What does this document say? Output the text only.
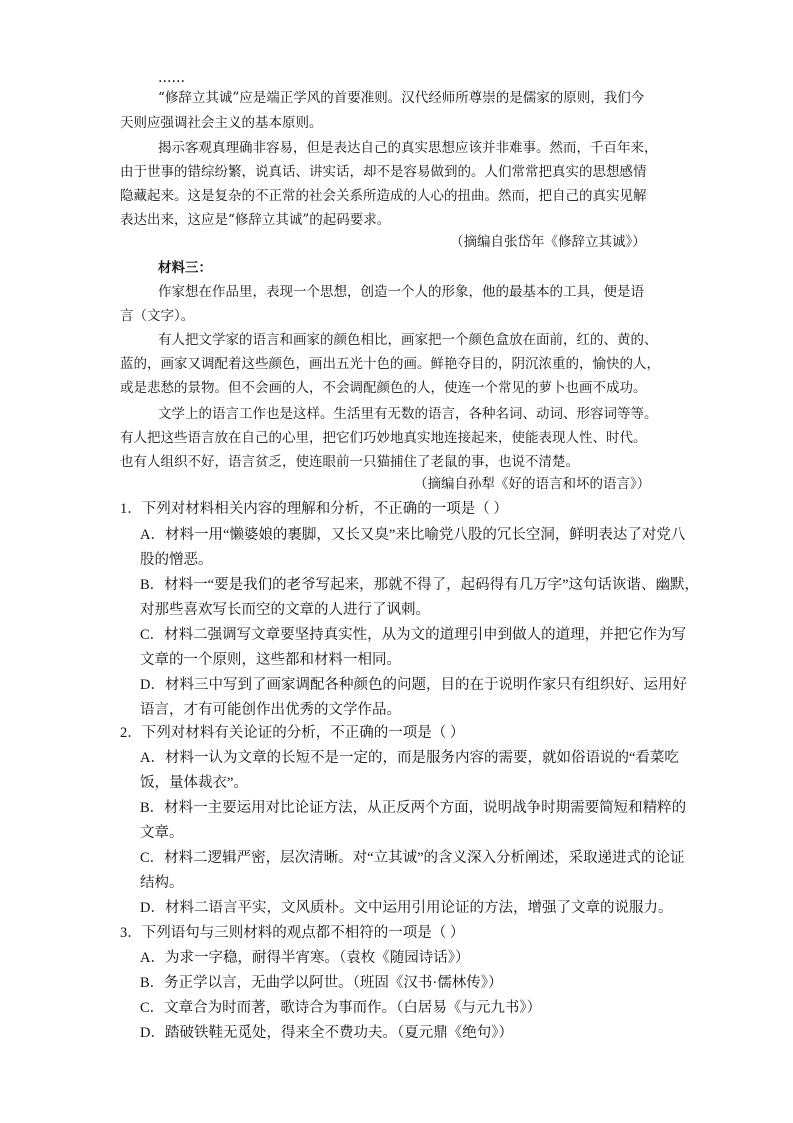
……
“修辞立其诚”应是端正学风的首要准则。汉代经师所尊崇的是儒家的原则，我们今
天则应强调社会主义的基本原则。
揭示客观真理确非容易，但是表达自己的真实思想应该并非难事。然而，千百年来，
由于世事的错综纷繁，说真话、讲实话，却不是容易做到的。人们常常把真实的思想感情
隐藏起来。这是复杂的不正常的社会关系所造成的人心的扭曲。然而，把自己的真实见解
表达出来，这应是“修辞立其诚”的起码要求。
（摘编自张岱年《修辞立其诚》）
材料三：
作家想在作品里，表现一个思想，创造一个人的形象，他的最基本的工具，便是语
言（文字）。
有人把文学家的语言和画家的颜色相比，画家把一个颜色盒放在面前，红的、黄的、
蓝的，画家又调配着这些颜色，画出五光十色的画。鲜艳夺目的，阴沉浓重的，愉快的人，
或是悲愁的景物。但不会画的人，不会调配颜色的人，使连一个常见的萝卜也画不成功。
文学上的语言工作也是这样。生活里有无数的语言，各种名词、动词、形容词等等。
有人把这些语言放在自己的心里，把它们巧妙地真实地连接起来，使能表现人性、时代。
也有人组织不好，语言贫乏，使连眼前一只猫捕住了老鼠的事，也说不清楚。
（摘编自孙犁《好的语言和坏的语言》）
1．下列对材料相关内容的理解和分析，不正确的一项是（ ）
A．材料一用“懒婆娘的裹脚，又长又臭”来比喻党八股的冗长空洞，鲜明表达了对党八
股的憎恶。
B．材料一“要是我们的老爷写起来，那就不得了，起码得有几万字”这句话诙谐、幽默，
对那些喜欢写长而空的文章的人进行了讽刺。
C．材料二强调写文章要坚持真实性，从为文的道理引申到做人的道理，并把它作为写
文章的一个原则，这些都和材料一相同。
D．材料三中写到了画家调配各种颜色的问题，目的在于说明作家只有组织好、运用好
语言，才有可能创作出优秀的文学作品。
2．下列对材料有关论证的分析，不正确的一项是（ ）
A．材料一认为文章的长短不是一定的，而是服务内容的需要，就如俗语说的“看菜吃
饭，量体裁衣”。
B．材料一主要运用对比论证方法，从正反两个方面，说明战争时期需要简短和精粹的
文章。
C．材料二逻辑严密，层次清晰。对“立其诚”的含义深入分析阐述，采取递进式的论证
结构。
D．材料二语言平实，文风质朴。文中运用引用论证的方法，增强了文章的说服力。
3．下列语句与三则材料的观点都不相符的一项是（ ）
A．为求一字稳，耐得半宵寒。（袁枚《随园诗话》）
B．务正学以言，无曲学以阿世。（班固《汉书·儒林传》）
C．文章合为时而著，歌诗合为事而作。（白居易《与元九书》）
D．踏破铁鞋无觅处，得来全不费功夫。（夏元鼎《绝句》）
